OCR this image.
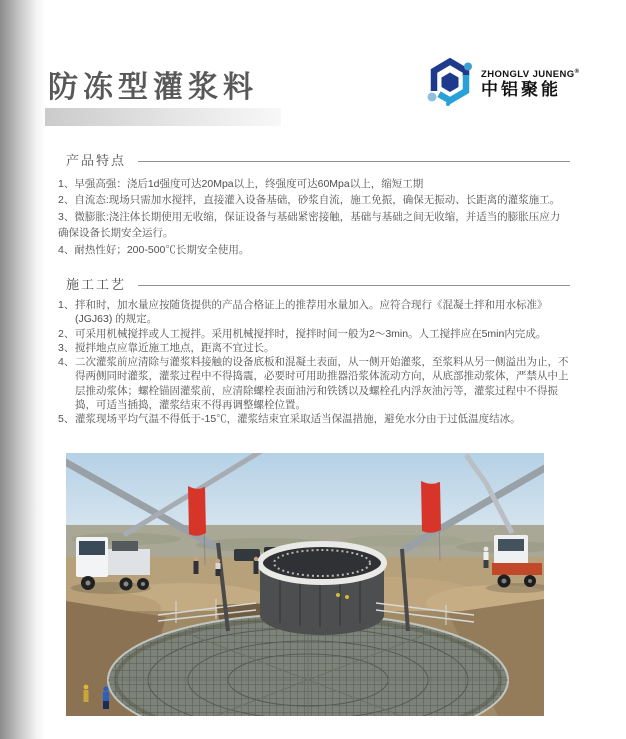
防冻型灌浆料	ZHONGLV JUNENG®
中铝聚能
产品特点

1、早强高强：浇后1d强度可达20Mpa以上，终强度可达60Mpa以上，缩短工期

2、自流态:现场只需加水搅拌，直接灌入设备基础，砂浆自流，施工免振，确保无振动、长距离的灌浆施工。

3、微膨胀:浇注体长期使用无收缩，保证设备与基础紧密接触，基础与基础之间无收缩，并适当的膨胀压应力确保设备长期安全运行。

4、耐热性好；200-500℃长期安全使用。

施工工艺
1、 拌和时，加水量应按随货提供的产品合格证上的推荐用水量加入。应符合现行《混凝土拌和用水标准》(JGJ63) 的规定。
2、 可采用机械搅拌或人工搅拌。采用机械搅拌时，搅拌时间一般为2～3min。人工搅拌应在5min内完成。
3、 搅拌地点应靠近施工地点，距离不宜过长。
4、 二次灌浆前应清除与灌浆料接触的设备底板和混凝土表面，从一侧开始灌浆，至浆料从另一侧溢出为止，不得两侧同时灌浆，灌浆过程中不得捣震，必要时可用助推器沿浆体流动方向，从底部推动浆体，严禁从中上层推动浆体；螺栓锚固灌浆前，应清除螺栓表面油污和铁锈以及螺栓孔内浮灰油污等，灌浆过程中不得振捣，可适当插捣，灌浆结束不得再调整螺栓位置。
5、 灌浆现场平均气温不得低于-15℃，灌浆结束宜采取适当保温措施，避免水分由于过低温度结冰。
